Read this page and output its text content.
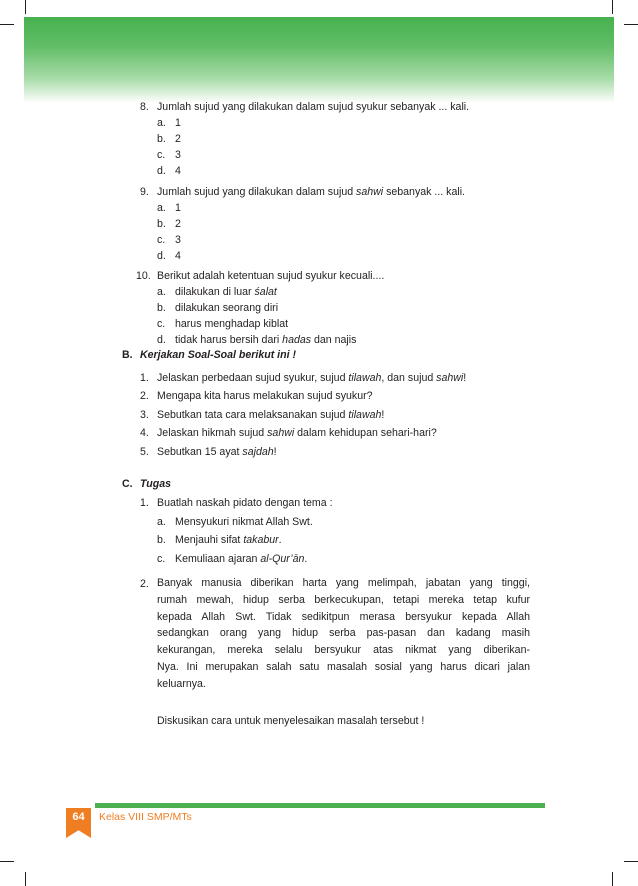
8. Jumlah sujud yang dilakukan dalam sujud syukur sebanyak ... kali.
a. 1
b. 2
c. 3
d. 4
9. Jumlah sujud yang dilakukan dalam sujud sahwi sebanyak ... kali.
a. 1
b. 2
c. 3
d. 4
10. Berikut adalah ketentuan sujud syukur kecuali....
a. dilakukan di luar śalat
b. dilakukan seorang diri
c. harus menghadap kiblat
d. tidak harus bersih dari hadas dan najis
B. Kerjakan Soal-Soal berikut ini !
1. Jelaskan perbedaan sujud syukur, sujud tilawah, dan sujud sahwi!
2. Mengapa kita harus melakukan sujud syukur?
3. Sebutkan tata cara melaksanakan sujud tilawah!
4. Jelaskan hikmah sujud sahwi dalam kehidupan sehari-hari?
5. Sebutkan 15 ayat sajdah!
C. Tugas
1. Buatlah naskah pidato dengan tema :
a. Mensyukuri nikmat Allah Swt.
b. Menjauhi sifat takabur.
c. Kemuliaan ajaran al-Qur’ān.
2. Banyak manusia diberikan harta yang melimpah, jabatan yang tinggi,
rumah mewah, hidup serba berkecukupan, tetapi mereka tetap kufur
kepada Allah Swt. Tidak sedikitpun merasa bersyukur kepada Allah
sedangkan orang yang hidup serba pas-pasan dan kadang masih
kekurangan, mereka selalu bersyukur atas nikmat yang diberikan-
Nya. Ini merupakan salah satu masalah sosial yang harus dicari jalan
keluarnya.
Diskusikan cara untuk menyelesaikan masalah tersebut !
64	Kelas VIII SMP/MTs
